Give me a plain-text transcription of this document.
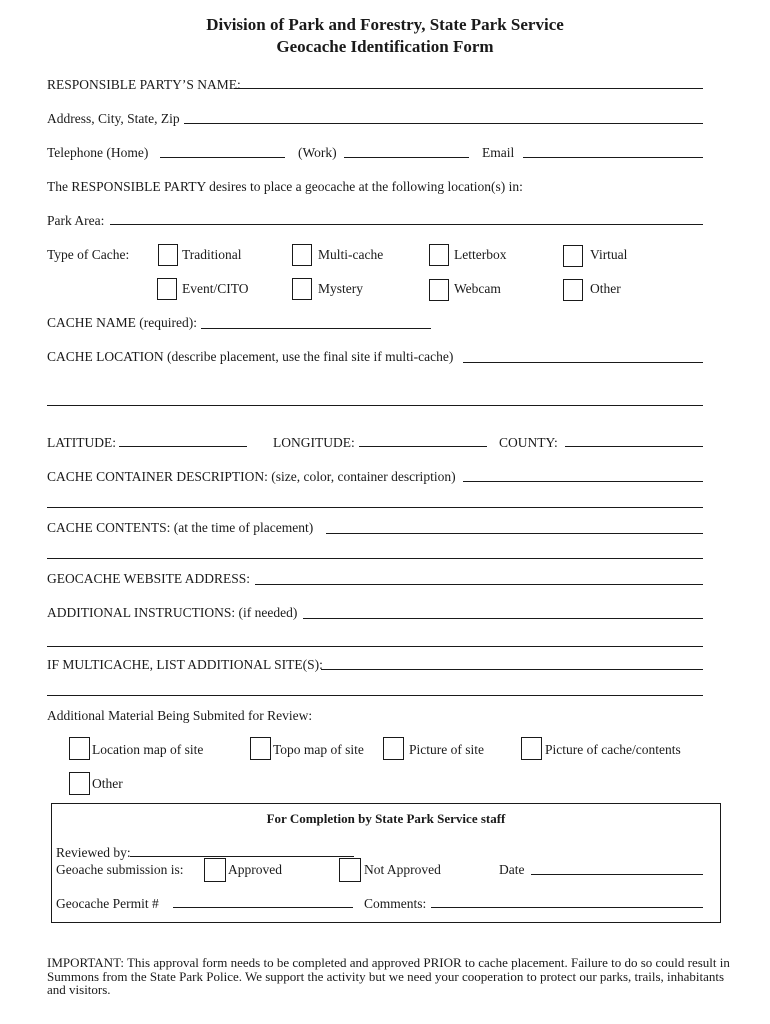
Division of Park and Forestry, State Park Service
Geocache Identification Form
RESPONSIBLE PARTY’S NAME:
Address, City, State, Zip
Telephone (Home)	(Work)	Email
The RESPONSIBLE PARTY desires to place a geocache at the following location(s) in:
Park Area:
Type of Cache:	Traditional	Multi-cache	Letterbox	Virtual
Event/CITO	Mystery	Webcam	Other
CACHE NAME (required):
CACHE LOCATION (describe placement, use the final site if multi-cache)
LATITUDE:	LONGITUDE:	COUNTY:
CACHE CONTAINER DESCRIPTION: (size, color, container description)
CACHE CONTENTS: (at the time of placement)
GEOCACHE WEBSITE ADDRESS:
ADDITIONAL INSTRUCTIONS: (if needed)
IF MULTICACHE, LIST ADDITIONAL SITE(S):
Additional Material Being Submited for Review:
Location map of site	Topo map of site	Picture of site	Picture of cache/contents
Other
For Completion by State Park Service staff
Reviewed by:
Geoache submission is:	Approved	Not Approved	Date
Geocache Permit #	Comments:
IMPORTANT: This approval form needs to be completed and approved PRIOR to cache placement. Failure to do so could result in Summons from the State Park Police. We support the activity but we need your cooperation to protect our parks, trails, inhabitants and visitors.
